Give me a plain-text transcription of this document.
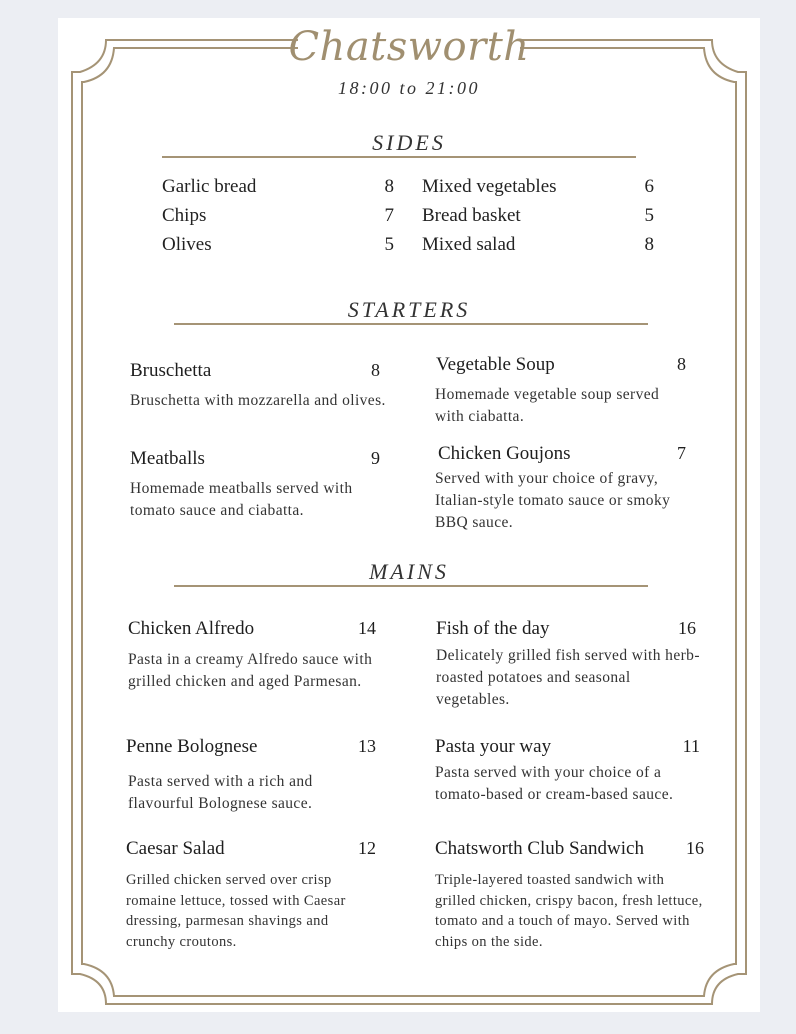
Chatsworth
18:00 to 21:00
SIDES
Garlic bread	8
Chips	7
Olives	5
Mixed vegetables	6
Bread basket	5
Mixed salad	8
STARTERS
Bruschetta	8
Bruschetta with mozzarella and olives.
Meatballs	9
Homemade meatballs served with tomato sauce and ciabatta.
Vegetable Soup	8
Homemade vegetable soup served with ciabatta.
Chicken Goujons	7
Served with your choice of gravy, Italian-style tomato sauce or smoky BBQ sauce.
MAINS
Chicken Alfredo	14
Pasta in a creamy Alfredo sauce with grilled chicken and aged Parmesan.
Penne Bolognese	13
Pasta served with a rich and flavourful Bolognese sauce.
Caesar Salad	12
Grilled chicken served over crisp romaine lettuce, tossed with Caesar dressing, parmesan shavings and crunchy croutons.
Fish of the day	16
Delicately grilled fish served with herb-roasted potatoes and seasonal vegetables.
Pasta your way	11
Pasta served with your choice of a tomato-based or cream-based sauce.
Chatsworth Club Sandwich	16
Triple-layered toasted sandwich with grilled chicken, crispy bacon, fresh lettuce, tomato and a touch of mayo. Served with chips on the side.
